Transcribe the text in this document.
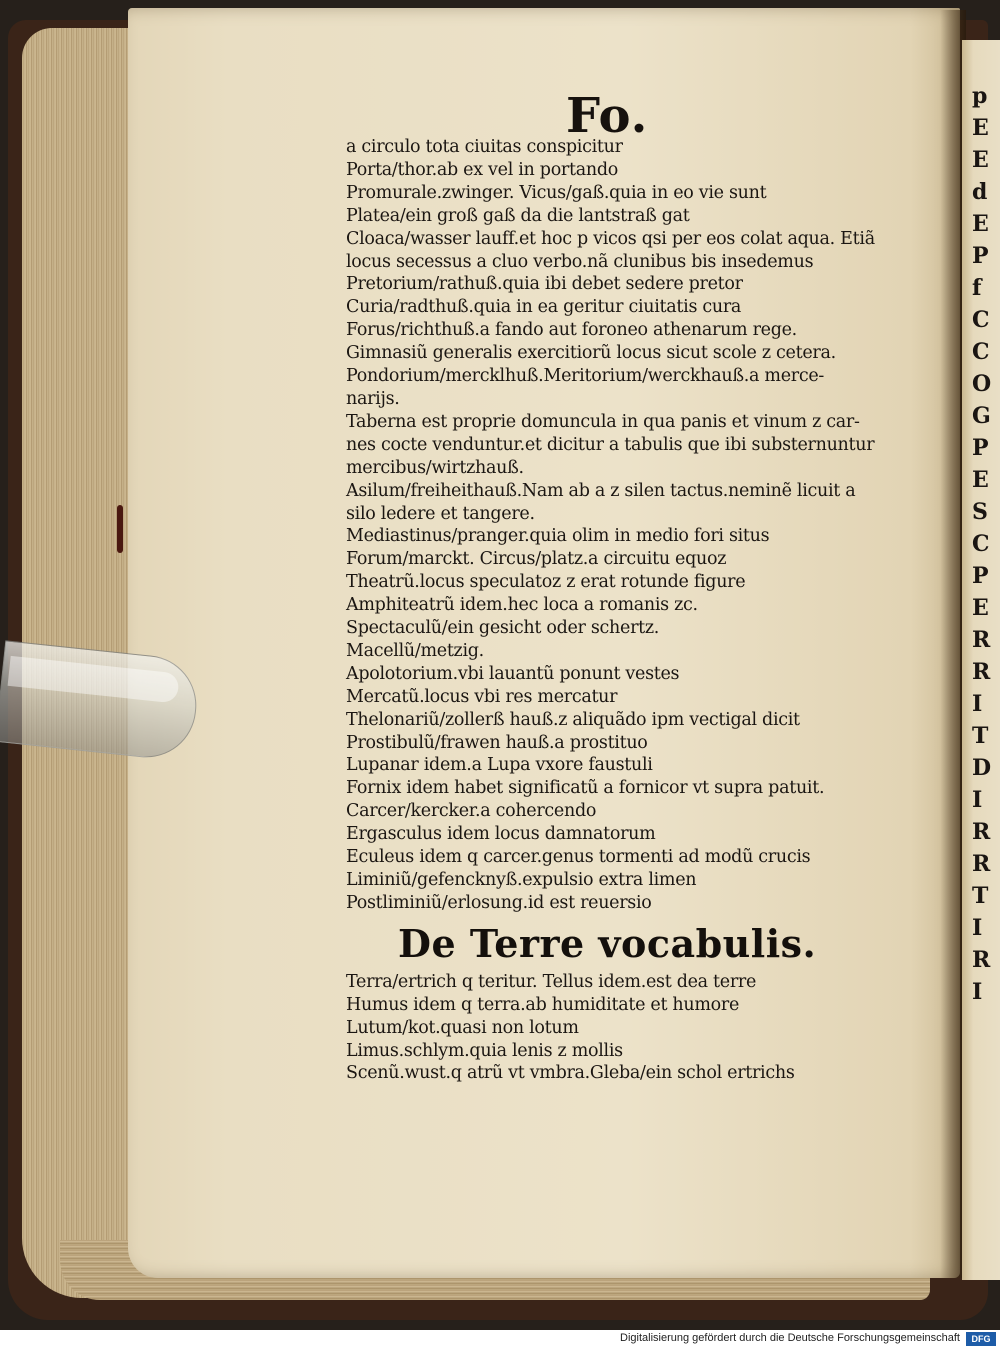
p
E
E
d
E
P
f
C
C
O
G
P
E
S
C
P
E
R
R
I
T
D
I
R
R
T
I
R
I
Fo.
a circulo tota ciuitas conspicitur
Porta/thor.ab ex vel in portando
Promurale.zwinger. Vicus/gaß.quia in eo vie sunt
Platea/ein groß gaß da die lantstraß gat
Cloaca/wasser lauff.et hoc p vicos qsi per eos colat aqua. Etiã
locus secessus a cluo verbo.nã clunibus bis insedemus
Pretorium/rathuß.quia ibi debet sedere pretor
Curia/radthuß.quia in ea geritur ciuitatis cura
Forus/richthuß.a fando aut foroneo athenarum rege.
Gimnasiũ generalis exercitiorũ locus sicut scole z cetera.
Pondorium/mercklhuß.Meritorium/werckhauß.a merce-
narijs.
Taberna est proprie domuncula in qua panis et vinum z car-
nes cocte venduntur.et dicitur a tabulis que ibi substernuntur
mercibus/wirtzhauß.
Asilum/freiheithauß.Nam ab a z silen tactus.neminẽ licuit a
silo ledere et tangere.
Mediastinus/pranger.quia olim in medio fori situs
Forum/marckt. Circus/platz.a circuitu equoz
Theatrũ.locus speculatoz z erat rotunde figure
Amphiteatrũ idem.hec loca a romanis zc.
Spectaculũ/ein gesicht oder schertz.
Macellũ/metzig.
Apolotorium.vbi lauantũ ponunt vestes
Mercatũ.locus vbi res mercatur
Thelonariũ/zollerß hauß.z aliquãdo ipm vectigal dicit
Prostibulũ/frawen hauß.a prostituo
Lupanar idem.a Lupa vxore faustuli
Fornix idem habet significatũ a fornicor vt supra patuit.
Carcer/kercker.a cohercendo
Ergasculus idem locus damnatorum
Eculeus idem q carcer.genus tormenti ad modũ crucis
Liminiũ/gefencknyß.expulsio extra limen
Postliminiũ/erlosung.id est reuersio
De Terre vocabulis.
Terra/ertrich q teritur. Tellus idem.est dea terre
Humus idem q terra.ab humiditate et humore
Lutum/kot.quasi non lotum
Limus.schlym.quia lenis z mollis
Scenũ.wust.q atrũ vt vmbra.Gleba/ein schol ertrichs
Digitalisierung gefördert durch die Deutsche Forschungsgemeinschaft	DFG
